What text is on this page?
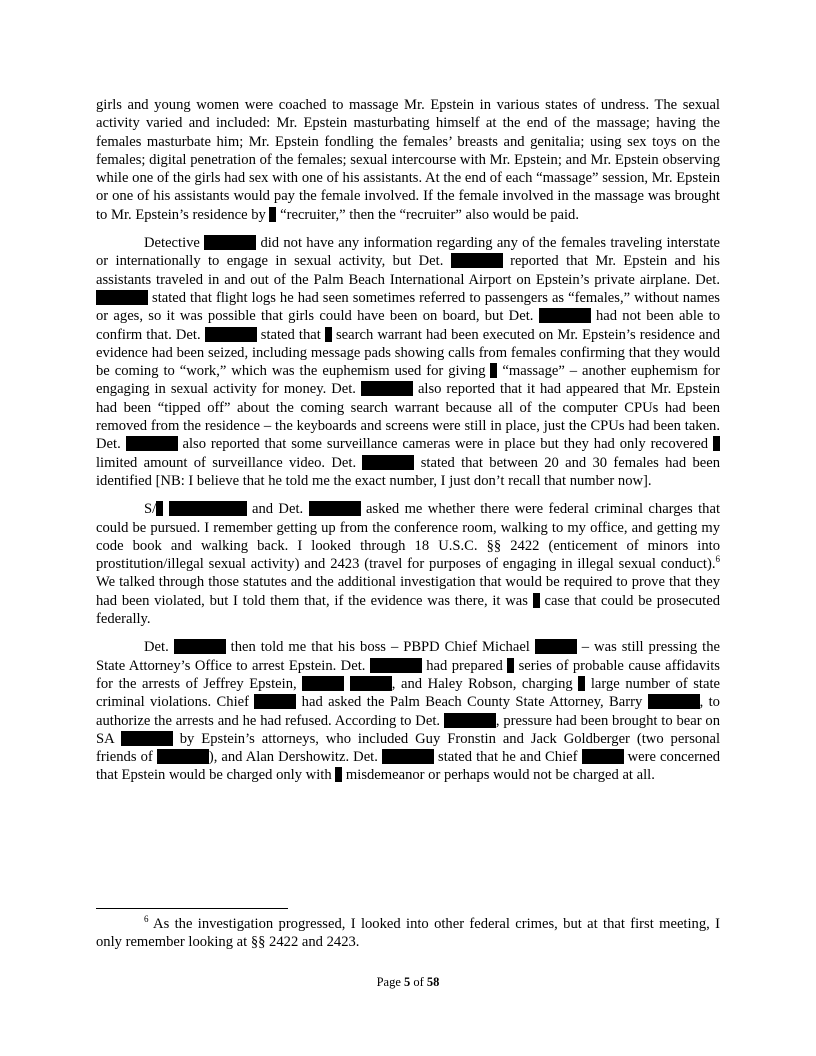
girls and young women were coached to massage Mr. Epstein in various states of undress. The sexual activity varied and included: Mr. Epstein masturbating himself at the end of the massage; having the females masturbate him; Mr. Epstein fondling the females’ breasts and genitalia; using sex toys on the females; digital penetration of the females; sexual intercourse with Mr. Epstein; and Mr. Epstein observing while one of the girls had sex with one of his assistants. At the end of each “massage” session, Mr. Epstein or one of his assistants would pay the female involved. If the female involved in the massage was brought to Mr. Epstein’s residence by  “recruiter,” then the “recruiter” also would be paid.

Detective	did not have any information regarding any of the females traveling interstate or internationally to engage in sexual activity, but Det.	reported that Mr. Epstein and his assistants traveled in and out of the Palm Beach International Airport on Epstein’s private airplane. Det.  stated that flight logs he had seen sometimes referred to passengers as “females,” without names or ages, so it was possible that girls could have been on board, but Det.	had not been able to confirm that. Det.	stated that  search warrant had been executed on Mr. Epstein’s residence and evidence had been seized, including message pads showing calls from females confirming that they would be coming to “work,” which was the euphemism used for giving  “massage” – another euphemism for engaging in sexual activity for money. Det.	also reported that it had appeared that Mr. Epstein had been “tipped off” about the coming search warrant because all of the computer CPUs had been removed from the residence – the keyboards and screens were still in place, just the CPUs had been taken. Det.	also reported that some surveillance cameras were in place but they had only recovered  limited amount of surveillance video. Det.	stated that between 20 and 30 females had been identified [NB: I believe that he told me the exact number, I just don’t recall that number now].

S/	and Det.	asked me whether there were federal criminal charges that could be pursued. I remember getting up from the conference room, walking to my office, and getting my code book and walking back. I looked through 18 U.S.C. §§ 2422 (enticement of minors into prostitution/illegal sexual activity) and 2423 (travel for purposes of engaging in illegal sexual conduct).$^6$ We talked through those statutes and the additional investigation that would be required to prove that they had been violated, but I told them that, if the evidence was there, it was  case that could be prosecuted federally.

Det.	then told me that his boss – PBPD Chief Michael	– was still pressing the State Attorney’s Office to arrest Epstein. Det.	had prepared  series of probable cause affidavits for the arrests of Jeffrey Epstein,	, and Haley Robson, charging  large number of state criminal violations. Chief	had asked the Palm Beach County State Attorney, Barry	, to authorize the arrests and he had refused. According to Det.	, pressure had been brought to bear on SA	by Epstein’s attorneys, who included Guy Fronstin and Jack Goldberger (two personal friends of	), and Alan Dershowitz. Det.	stated that he and Chief	were concerned that Epstein would be charged only with  misdemeanor or perhaps would not be charged at all.

$^6$ As the investigation progressed, I looked into other federal crimes, but at that first meeting, I only remember looking at §§ 2422 and 2423.

Page 5 of 58
